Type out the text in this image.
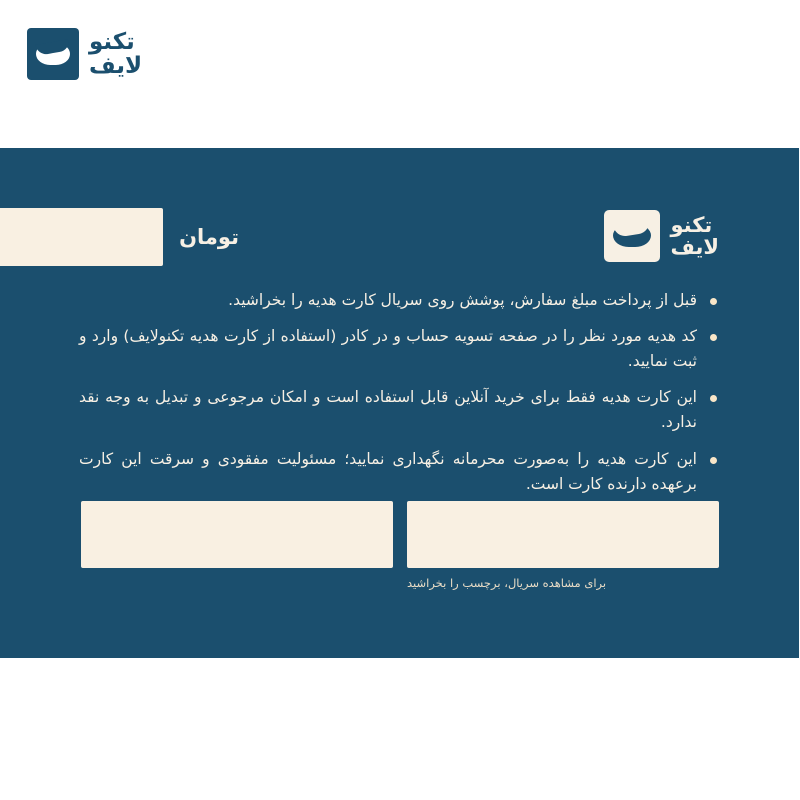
تکنو
لایف
تکنو
لایف
تومان
قبل از پرداخت مبلغ سفارش، پوشش روی سریال کارت هدیه را بخراشید.
کد هدیه مورد نظر را در صفحه تسویه حساب و در کادر (استفاده از کارت هدیه تکنولایف) وارد و ثبت نمایید.
این کارت هدیه فقط برای خرید آنلاین قابل استفاده است و امکان مرجوعی و تبدیل به وجه نقد ندارد.
این کارت هدیه را به‌صورت محرمانه نگهداری نمایید؛ مسئولیت مفقودی و سرقت این کارت برعهده دارنده کارت است.
برای مشاهده سریال، برچسب را بخراشید
